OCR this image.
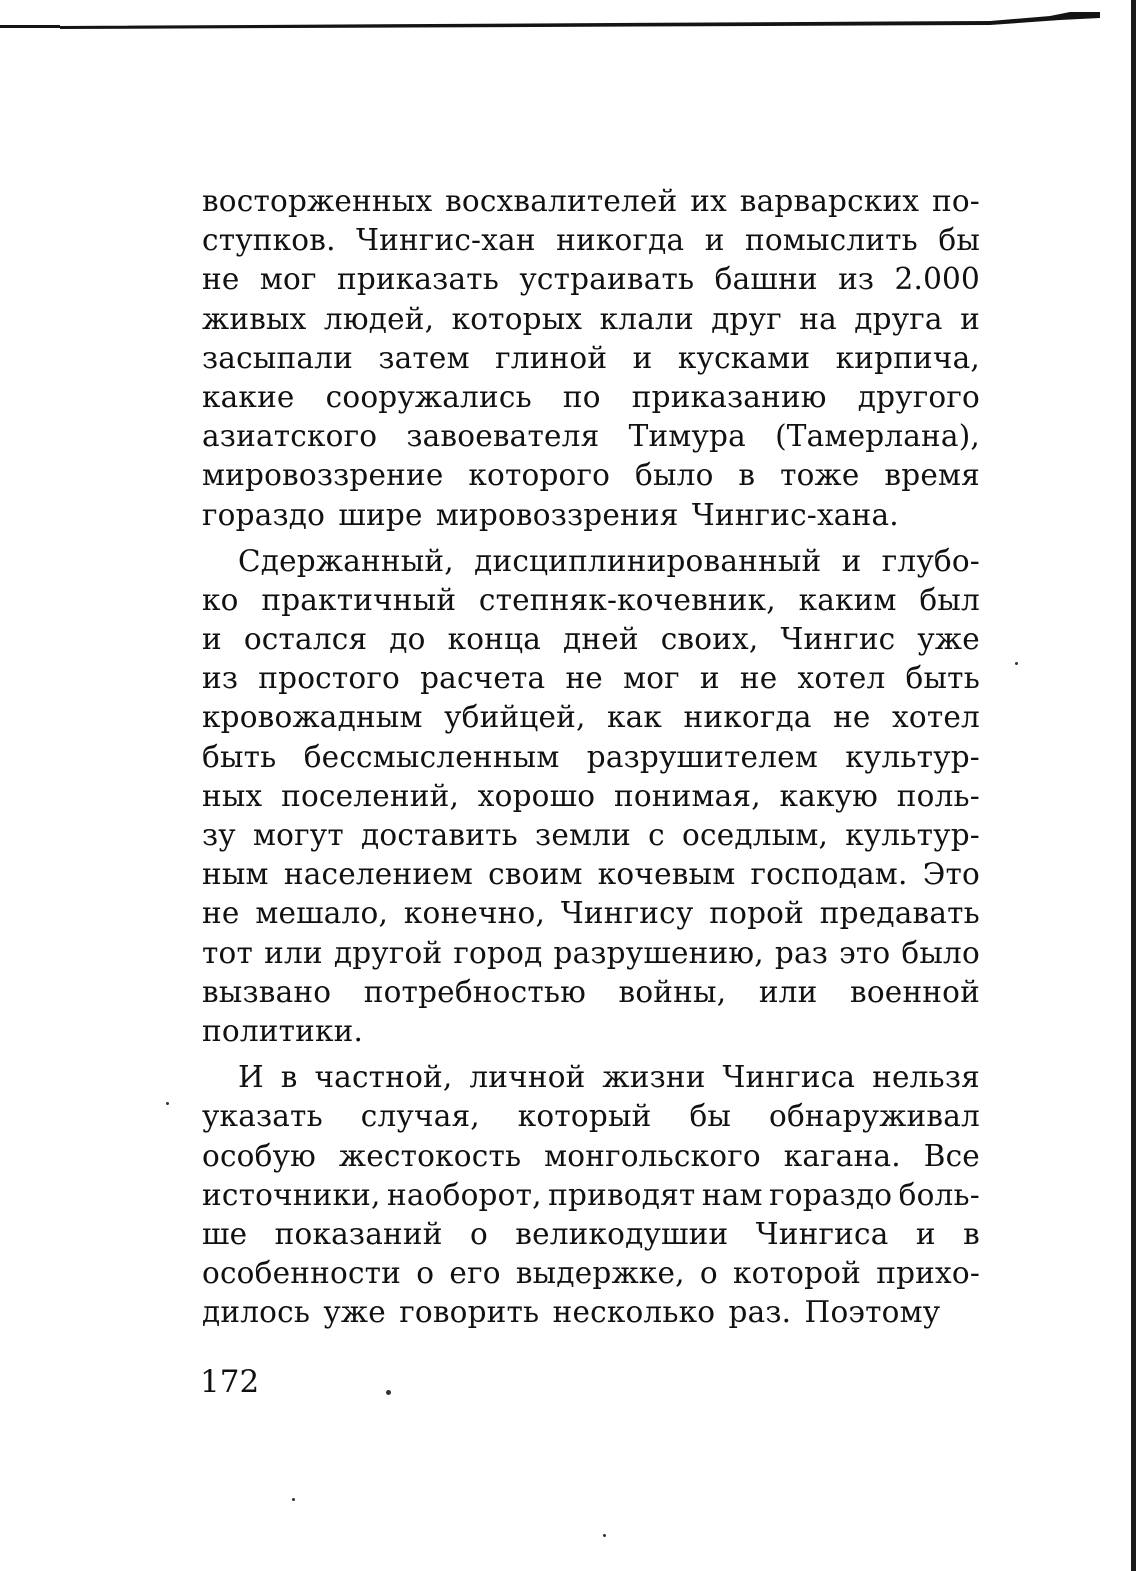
восторженных восхвалителей их варварских по-
ступков. Чингис-хан никогда и помыслить бы
не мог приказать устраивать башни из 2.000
живых людей, которых клали друг на друга и
засыпали затем глиной и кусками кирпича,
какие сооружались по приказанию другого
азиатского завоевателя Тимура (Тамерлана),
мировоззрение которого было в тоже время
гораздо шире мировоззрения Чингис-хана.
Сдержанный, дисциплинированный и глубо-
ко практичный степняк-кочевник, каким был
и остался до конца дней своих, Чингис уже
из простого расчета не мог и не хотел быть
кровожадным убийцей, как никогда не хотел
быть бессмысленным разрушителем культур-
ных поселений, хорошо понимая, какую поль-
зу могут доставить земли с оседлым, культур-
ным населением своим кочевым господам. Это
не мешало, конечно, Чингису порой предавать
тот или другой город разрушению, раз это было
вызвано потребностью войны, или военной
политики.
И в частной, личной жизни Чингиса нельзя
указать случая, который бы обнаруживал
особую жестокость монгольского кагана. Все
источники, наоборот, приводят нам гораздо боль-
ше показаний о великодушии Чингиса и в
особенности о его выдержке, о которой прихо-
дилось уже говорить несколько раз. Поэтому
172
